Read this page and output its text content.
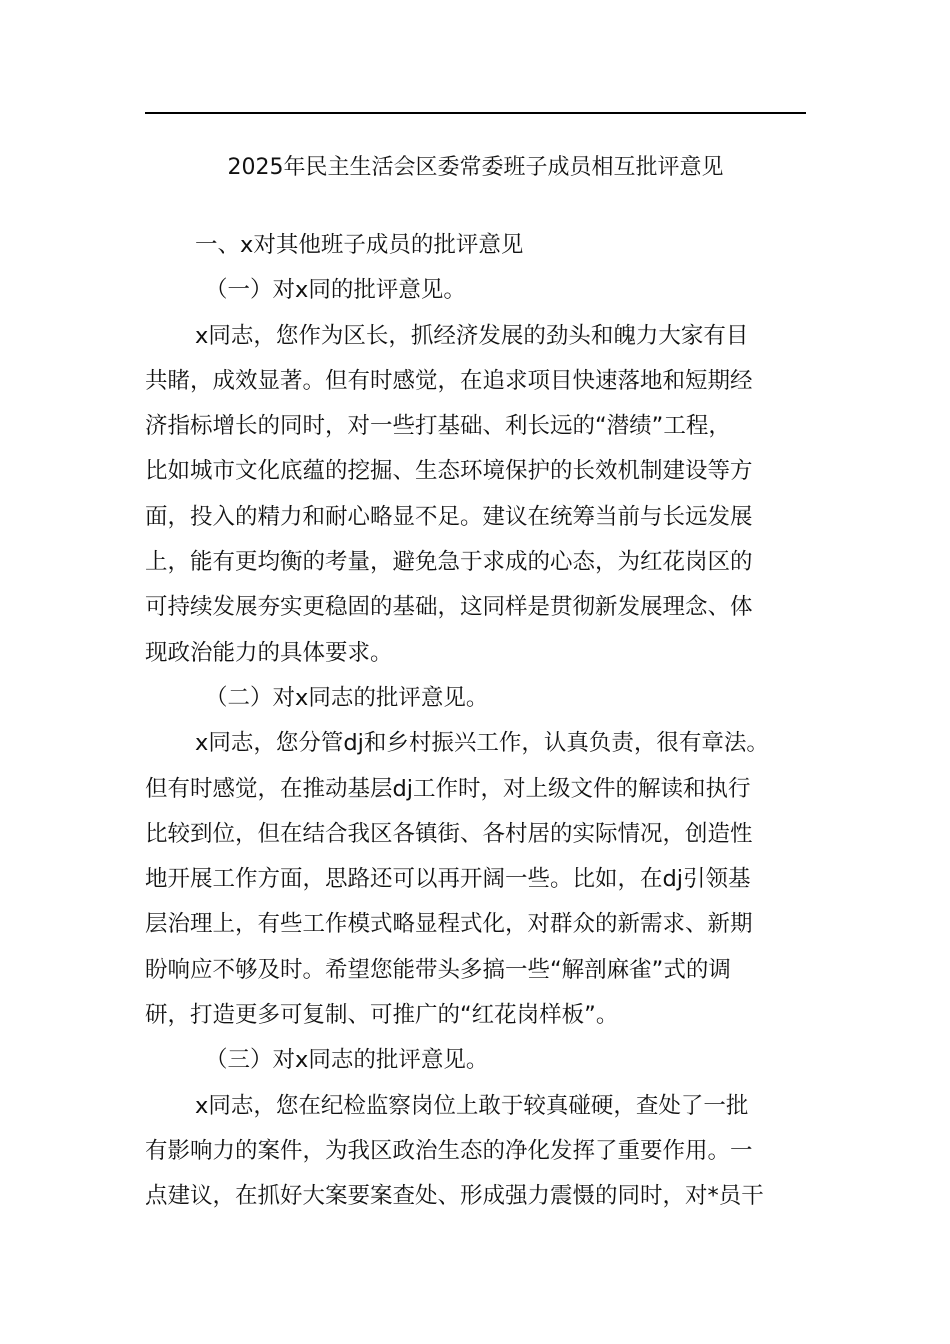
2025年民主生活会区委常委班子成员相互批评意见
一、x对其他班子成员的批评意见
（一）对x同的批评意见。
x同志，您作为区长，抓经济发展的劲头和魄力大家有目
共睹，成效显著。但有时感觉，在追求项目快速落地和短期经
济指标增长的同时，对一些打基础、利长远的“潜绩”工程，
比如城市文化底蕴的挖掘、生态环境保护的长效机制建设等方
面，投入的精力和耐心略显不足。建议在统筹当前与长远发展
上，能有更均衡的考量，避免急于求成的心态，为红花岗区的
可持续发展夯实更稳固的基础，这同样是贯彻新发展理念、体
现政治能力的具体要求。
（二）对x同志的批评意见。
x同志，您分管dj和乡村振兴工作，认真负责，很有章法。
但有时感觉，在推动基层dj工作时，对上级文件的解读和执行
比较到位，但在结合我区各镇街、各村居的实际情况，创造性
地开展工作方面，思路还可以再开阔一些。比如，在dj引领基
层治理上，有些工作模式略显程式化，对群众的新需求、新期
盼响应不够及时。希望您能带头多搞一些“解剖麻雀”式的调
研，打造更多可复制、可推广的“红花岗样板”。
（三）对x同志的批评意见。
x同志，您在纪检监察岗位上敢于较真碰硬，查处了一批
有影响力的案件，为我区政治生态的净化发挥了重要作用。一
点建议，在抓好大案要案查处、形成强力震慑的同时，对*员干
